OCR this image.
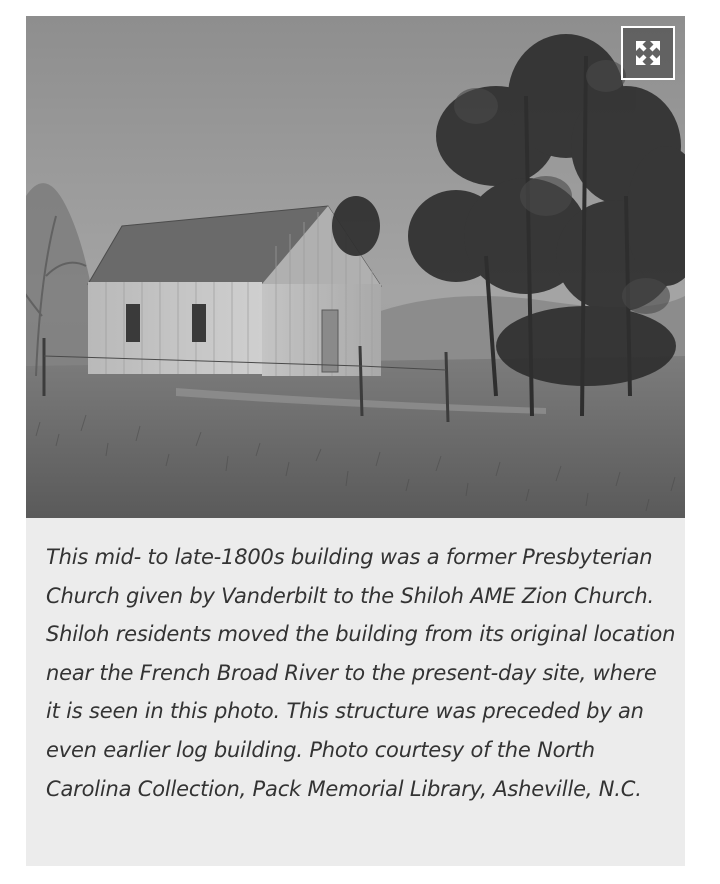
This mid- to late-1800s building was a former Presbyterian Church given by Vanderbilt to the Shiloh AME Zion Church. Shiloh residents moved the building from its original location near the French Broad River to the present-day site, where it is seen in this photo. This structure was preceded by an even earlier log building. Photo courtesy of the North Carolina Collection, Pack Memorial Library, Asheville, N.C.
